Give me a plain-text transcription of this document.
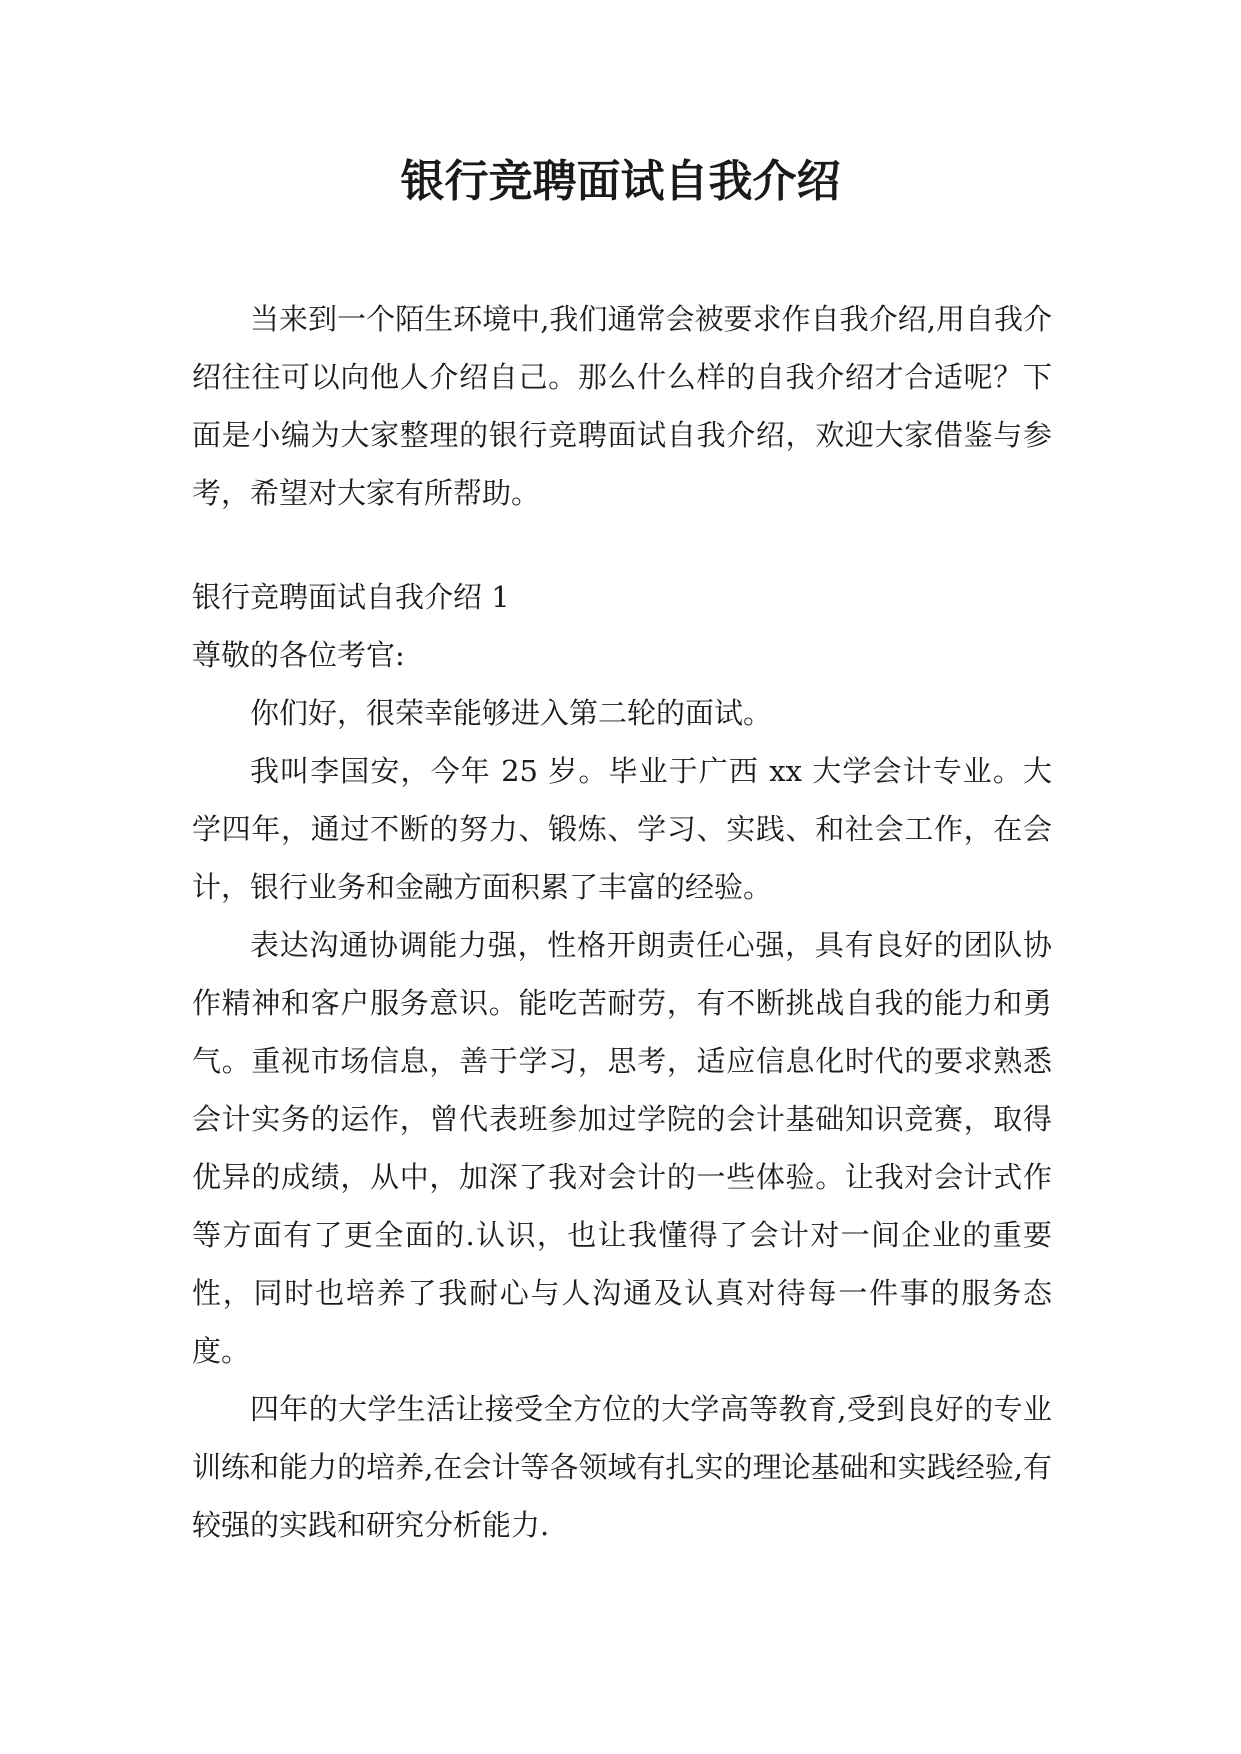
银行竞聘面试自我介绍

当来到一个陌生环境中,我们通常会被要求作自我介绍,用自我介绍往往可以向他人介绍自己。那么什么样的自我介绍才合适呢？下面是小编为大家整理的银行竞聘面试自我介绍，欢迎大家借鉴与参考，希望对大家有所帮助。

银行竞聘面试自我介绍 1

尊敬的各位考官:

你们好，很荣幸能够进入第二轮的面试。

我叫李国安，今年 25 岁。毕业于广西 xx 大学会计专业。大学四年，通过不断的努力、锻炼、学习、实践、和社会工作，在会计，银行业务和金融方面积累了丰富的经验。

表达沟通协调能力强，性格开朗责任心强，具有良好的团队协作精神和客户服务意识。能吃苦耐劳，有不断挑战自我的能力和勇气。重视市场信息，善于学习，思考，适应信息化时代的要求熟悉会计实务的运作，曾代表班参加过学院的会计基础知识竞赛，取得优异的成绩，从中，加深了我对会计的一些体验。让我对会计式作等方面有了更全面的.认识，也让我懂得了会计对一间企业的重要性，同时也培养了我耐心与人沟通及认真对待每一件事的服务态度。

四年的大学生活让接受全方位的大学高等教育,受到良好的专业训练和能力的培养,在会计等各领域有扎实的理论基础和实践经验,有较强的实践和研究分析能力.
